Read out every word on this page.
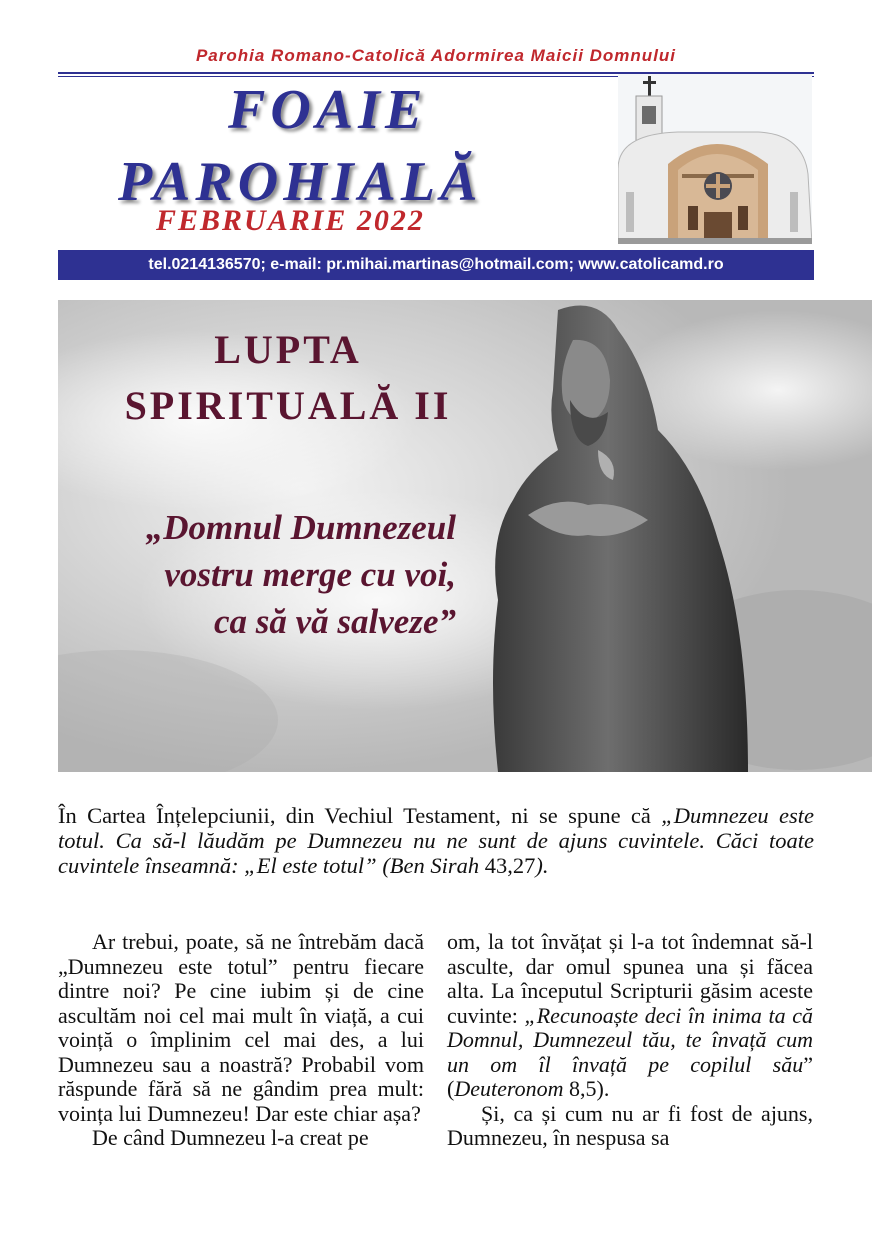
Parohia Romano-Catolică Adormirea Maicii Domnului
FOAIE
PAROHIALĂ
FEBRUARIE 2022
tel.0214136570; e-mail: pr.mihai.martinas@hotmail.com; www.catolicamd.ro
LUPTA
SPIRITUALĂ II
„Domnul Dumnezeul
vostru merge cu voi,
ca să vă salveze”
În Cartea Înțelepciunii, din Vechiul Testament, ni se spune că „Dumnezeu este totul. Ca să-l lăudăm pe Dumnezeu nu ne sunt de ajuns cuvintele. Căci toate cuvintele înseamnă: „El este totul” (Ben Sirah 43,27).

Ar trebui, poate, să ne întrebăm dacă „Dumnezeu este totul” pentru fiecare dintre noi? Pe cine iubim și de cine ascultăm noi cel mai mult în viață, a cui voință o împlinim cel mai des, a lui Dumnezeu sau a noastră? Probabil vom răspunde fără să ne gândim prea mult: voința lui Dumnezeu! Dar este chiar așa?

De când Dumnezeu l-a creat pe

om, la tot învățat și l-a tot îndemnat să-l asculte, dar omul spunea una și făcea alta. La începutul Scripturii găsim aceste cuvinte: „Recunoaște deci în inima ta că Domnul, Dumnezeul tău, te învață cum un om îl învață pe copilul său” (Deuteronom 8,5).

Și, ca și cum nu ar fi fost de ajuns, Dumnezeu, în nespusa sa
